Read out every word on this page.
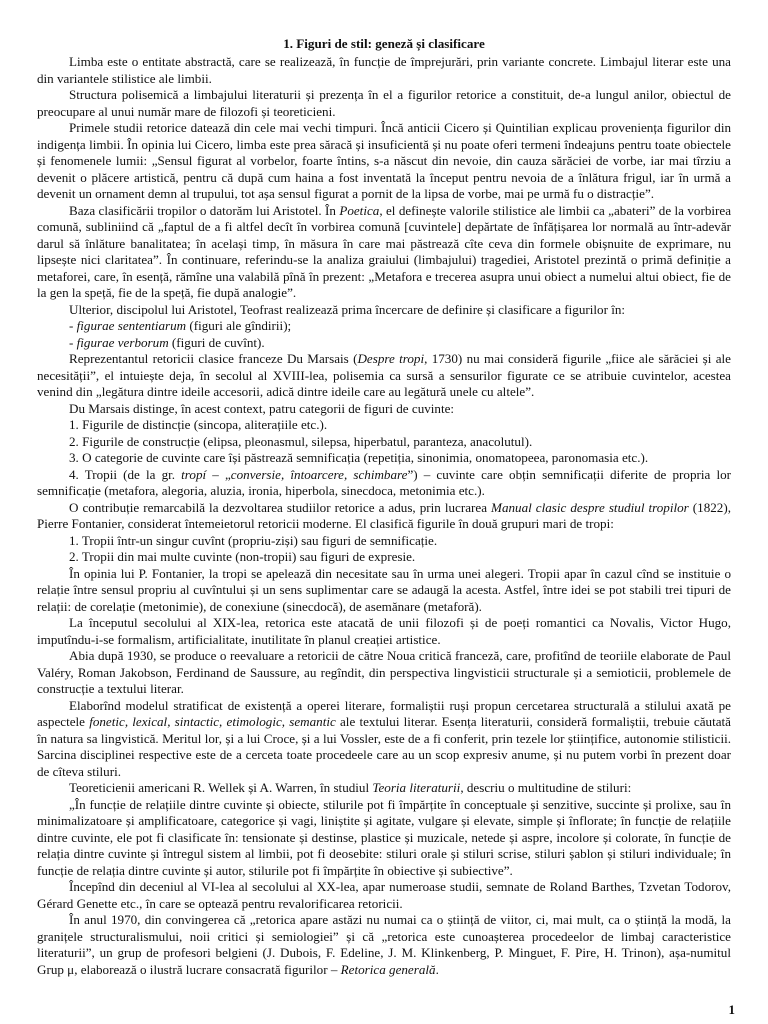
1. Figuri de stil: geneză și clasificare

Limba este o entitate abstractă, care se realizează, în funcție de împrejurări, prin variante concrete. Limbajul literar este una din variantele stilistice ale limbii.

Structura polisemică a limbajului literaturii și prezența în el a figurilor retorice a constituit, de-a lungul anilor, obiectul de preocupare al unui număr mare de filozofi și teoreticieni.

Primele studii retorice datează din cele mai vechi timpuri. Încă anticii Cicero și Quintilian explicau proveniența figurilor din indigența limbii. În opinia lui Cicero, limba este prea săracă și insuficientă și nu poate oferi termeni îndeajuns pentru toate obiectele și fenomenele lumii: „Sensul figurat al vorbelor, foarte întins, s-a născut din nevoie, din cauza sărăciei de vorbe, iar mai tîrziu a devenit o plăcere artistică, pentru că după cum haina a fost inventată la început pentru nevoia de a înlătura frigul, iar în urmă a devenit un ornament demn al trupului, tot așa sensul figurat a pornit de la lipsa de vorbe, mai pe urmă fu o distracție”.

Baza clasificării tropilor o datorăm lui Aristotel. În Poetica, el definește valorile stilistice ale limbii ca „abateri” de la vorbirea comună, subliniind că „faptul de a fi altfel decît în vorbirea comună [cuvintele] depărtate de înfățișarea lor normală au într-adevăr darul să înlăture banalitatea; în același timp, în măsura în care mai păstrează cîte ceva din formele obișnuite de exprimare, nu lipsește nici claritatea”. În continuare, referindu-se la analiza graiului (limbajului) tragediei, Aristotel prezintă o primă definiție a metaforei, care, în esență, rămîne una valabilă pînă în prezent: „Metafora e trecerea asupra unui obiect a numelui altui obiect, fie de la gen la speță, fie de la speță, fie după analogie”.

Ulterior, discipolul lui Aristotel, Teofrast realizează prima încercare de definire și clasificare a figurilor în:

- figurae sententiarum (figuri ale gîndirii);

- figurae verborum (figuri de cuvînt).

Reprezentantul retoricii clasice franceze Du Marsais (Despre tropi, 1730) nu mai consideră figurile „fiice ale sărăciei și ale necesității”, el intuiește deja, în secolul al XVIII-lea, polisemia ca sursă a sensurilor figurate ce se atribuie cuvintelor, acestea venind din „legătura dintre ideile accesorii, adică dintre ideile care au legătură unele cu altele”.

Du Marsais distinge, în acest context, patru categorii de figuri de cuvinte:

1. Figurile de distincție (sincopa, aliterațiile etc.).

2. Figurile de construcție (elipsa, pleonasmul, silepsa, hiperbatul, paranteza, anacolutul).

3. O categorie de cuvinte care își păstrează semnificația (repetiția, sinonimia, onomatopeea, paronomasia etc.).

4. Tropii (de la gr. tropí – „conversie, întoarcere, schimbare”) – cuvinte care obțin semnificații diferite de propria lor semnificație (metafora, alegoria, aluzia, ironia, hiperbola, sinecdoca, metonimia etc.).

O contribuție remarcabilă la dezvoltarea studiilor retorice a adus, prin lucrarea Manual clasic despre studiul tropilor (1822), Pierre Fontanier, considerat întemeietorul retoricii moderne. El clasifică figurile în două grupuri mari de tropi:

1. Tropii într-un singur cuvînt (propriu-ziși) sau figuri de semnificație.

2. Tropii din mai multe cuvinte (non-tropii) sau figuri de expresie.

În opinia lui P. Fontanier, la tropi se apelează din necesitate sau în urma unei alegeri. Tropii apar în cazul cînd se instituie o relație între sensul propriu al cuvîntului și un sens suplimentar care se adaugă la acesta. Astfel, între idei se pot stabili trei tipuri de relații: de corelație (metonimie), de conexiune (sinecdocă), de asemănare (metaforă).

La începutul secolului al XIX-lea, retorica este atacată de unii filozofi și de poeți romantici ca Novalis, Victor Hugo, imputîndu-i-se formalism, artificialitate, inutilitate în planul creației artistice.

Abia după 1930, se produce o reevaluare a retoricii de către Noua critică franceză, care, profitînd de teoriile elaborate de Paul Valéry, Roman Jakobson, Ferdinand de Saussure, au regîndit, din perspectiva lingvisticii structurale și a semioticii, problemele de construcție a textului literar.

Elaborînd modelul stratificat de existență a operei literare, formaliștii ruși propun cercetarea structurală a stilului axată pe aspectele fonetic, lexical, sintactic, etimologic, semantic ale textului literar. Esența literaturii, consideră formaliștii, trebuie căutată în natura sa lingvistică. Meritul lor, și a lui Croce, și a lui Vossler, este de a fi conferit, prin tezele lor științifice, autonomie stilisticii. Sarcina disciplinei respective este de a cerceta toate procedeele care au un scop expresiv anume, și nu putem vorbi în prezent doar de cîteva stiluri.

Teoreticienii americani R. Wellek și A. Warren, în studiul Teoria literaturii, descriu o multitudine de stiluri:

„În funcție de relațiile dintre cuvinte și obiecte, stilurile pot fi împărțite în conceptuale și senzitive, succinte și prolixe, sau în minimalizatoare și amplificatoare, categorice și vagi, liniștite și agitate, vulgare și elevate, simple și înflorate; în funcție de relațiile dintre cuvinte, ele pot fi clasificate în: tensionate și destinse, plastice și muzicale, netede și aspre, incolore și colorate, în funcție de relația dintre cuvinte și întregul sistem al limbii, pot fi deosebite: stiluri orale și stiluri scrise, stiluri șablon și stiluri individuale; în funcție de relația dintre cuvinte și autor, stilurile pot fi împărțite în obiective și subiective”.

Începînd din deceniul al VI-lea al secolului al XX-lea, apar numeroase studii, semnate de Roland Barthes, Tzvetan Todorov, Gérard Genette etc., în care se optează pentru revalorificarea retoricii.

În anul 1970, din convingerea că „retorica apare astăzi nu numai ca o știință de viitor, ci, mai mult, ca o știință la modă, la granițele structuralismului, noii critici și semiologiei” și că „retorica este cunoașterea procedeelor de limbaj caracteristice literaturii”, un grup de profesori belgieni (J. Dubois, F. Edeline, J. M. Klinkenberg, P. Minguet, F. Pire, H. Trinon), așa-numitul Grup μ, elaborează o ilustră lucrare consacrată figurilor – Retorica generală.

1
